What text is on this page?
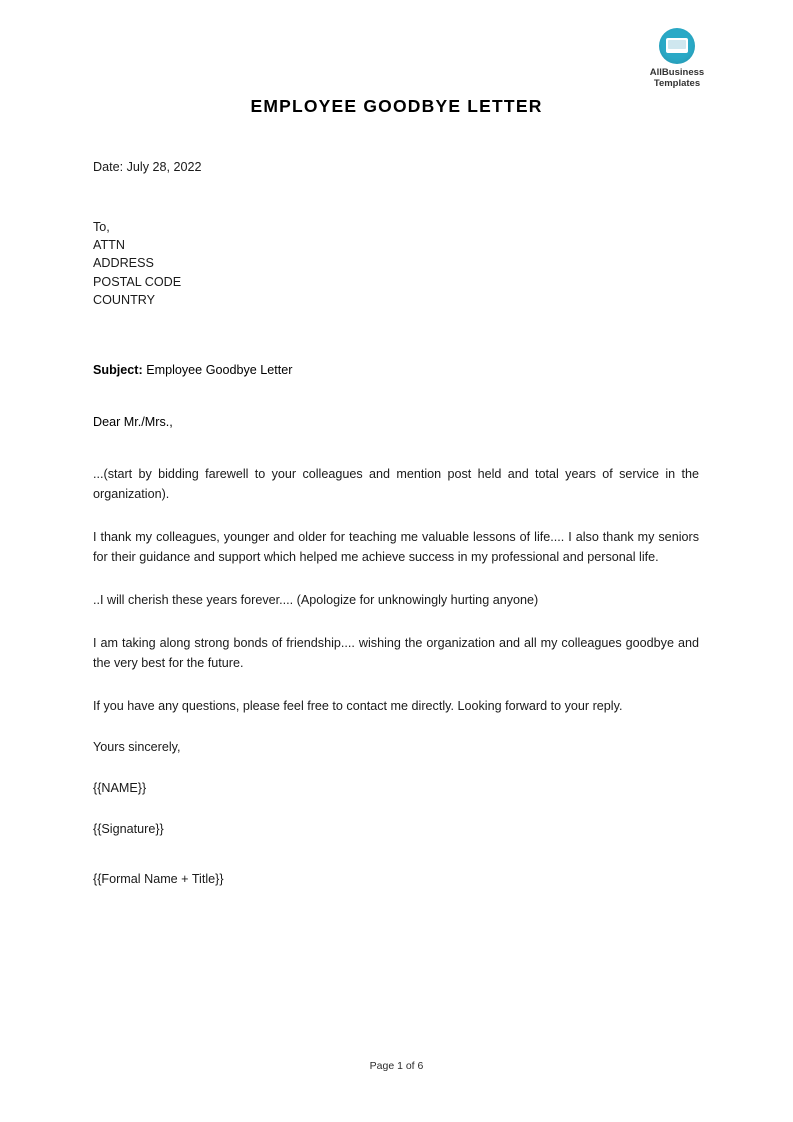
AllBusiness
Templates
EMPLOYEE GOODBYE LETTER
Date: July 28, 2022
To,
ATTN
ADDRESS
POSTAL CODE
COUNTRY
Subject: Employee Goodbye Letter
Dear Mr./Mrs.,
...(start by bidding farewell to your colleagues and mention post held and total years of service in the organization).
I thank my colleagues, younger and older for teaching me valuable lessons of life.... I also thank my seniors for their guidance and support which helped me achieve success in my professional and personal life.
..I will cherish these years forever.... (Apologize for unknowingly hurting anyone)
I am taking along strong bonds of friendship.... wishing the organization and all my colleagues goodbye and the very best for the future.
If you have any questions, please feel free to contact me directly. Looking forward to your reply.
Yours sincerely,
{{NAME}}
{{Signature}}
{{Formal Name + Title}}
Page 1 of 6
